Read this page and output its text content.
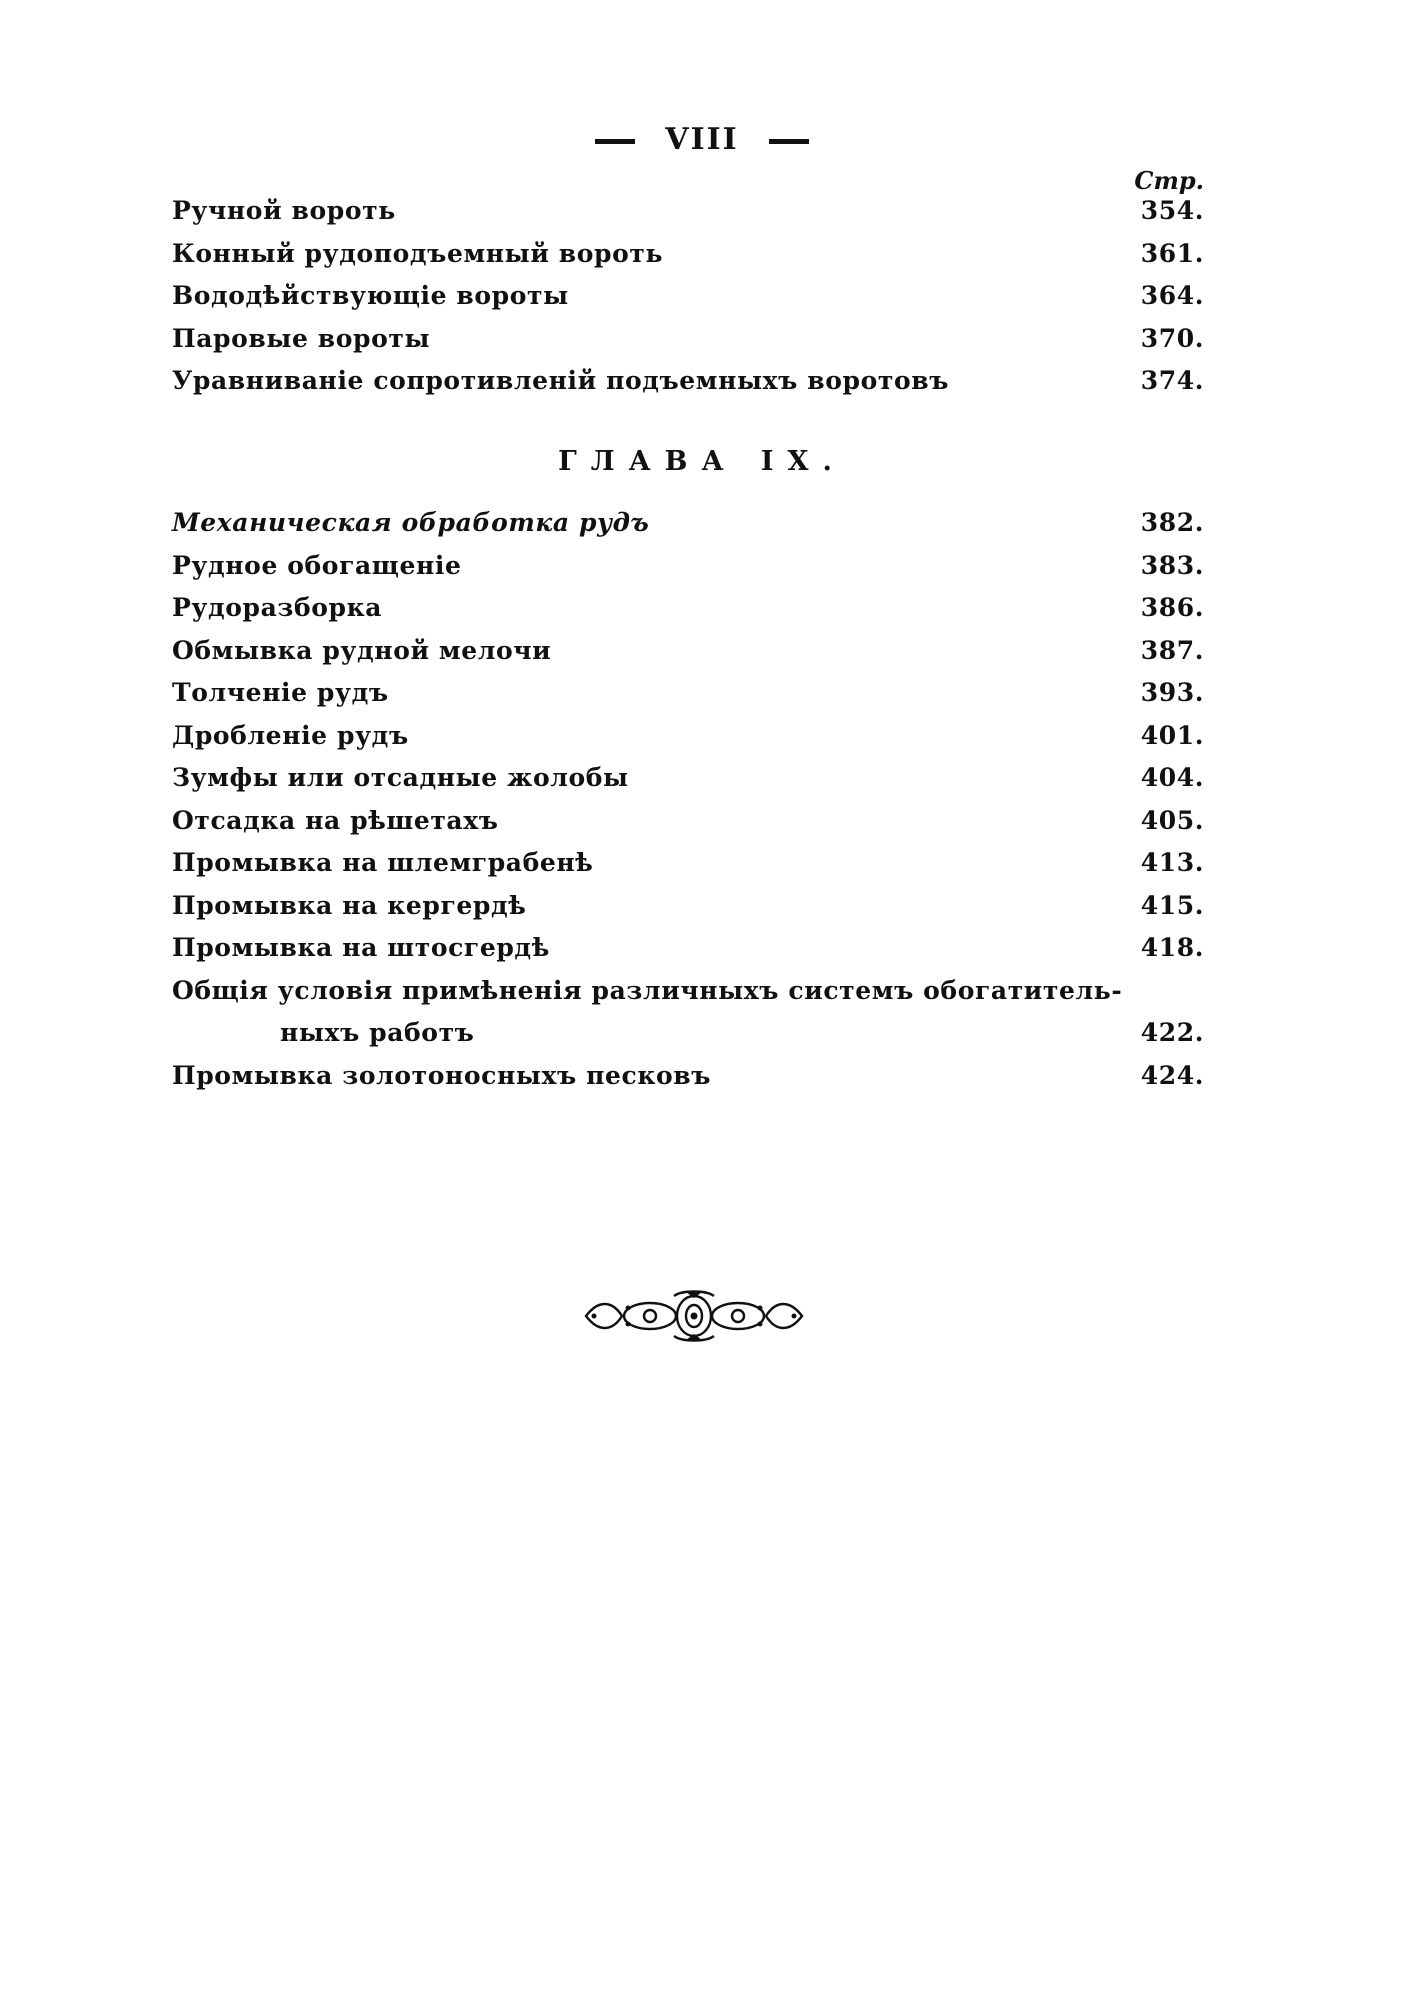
VIII
Стр.
Ручной вороть	354.
Конный рудоподъемный вороть	361.
Вододѣйствующіе вороты	364.
Паровые вороты	370.
Уравниваніе сопротивленій подъемныхъ воротовъ	374.
ГЛАВА IX.
Механическая обработка рудъ	382.
Рудное обогащеніе	383.
Рудоразборка	386.
Обмывка рудной мелочи	387.
Толченіе рудъ	393.
Дробленіе рудъ	401.
Зумфы или отсадные жолобы	404.
Отсадка на рѣшетахъ	405.
Промывка на шлемграбенѣ	413.
Промывка на кергердѣ	415.
Промывка на штосгердѣ	418.
Общія условія примѣненія различныхъ системъ обогатитель-
ныхъ работъ	422.
Промывка золотоносныхъ песковъ	424.
